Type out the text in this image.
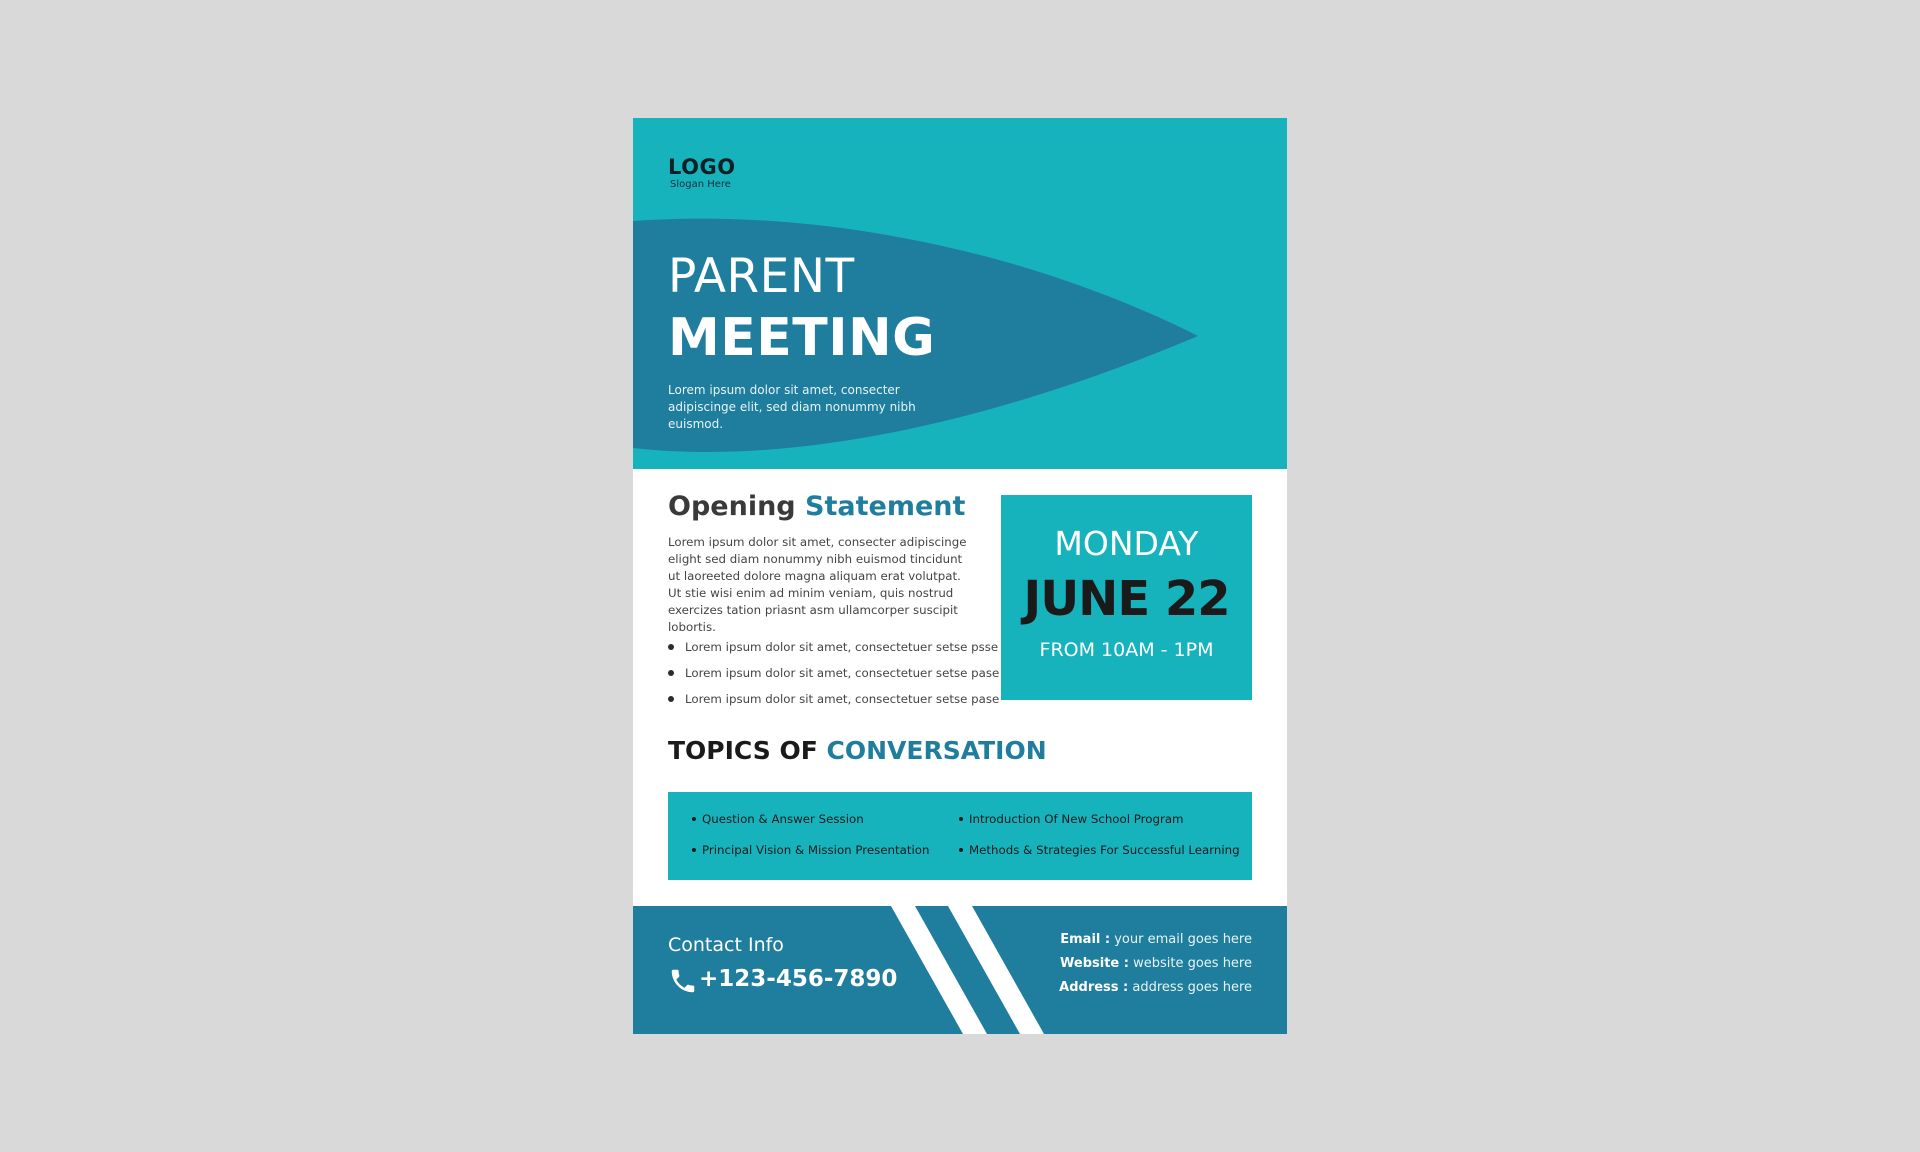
LOGO
Slogan Here
PARENT
MEETING
Lorem ipsum dolor sit amet, consecter adipiscinge elit, sed diam nonummy nibh euismod.
Opening Statement
Lorem ipsum dolor sit amet, consecter adipiscinge elight sed diam nonummy nibh euismod tincidunt ut laoreeted dolore magna aliquam erat volutpat. Ut stie wisi enim ad minim veniam, quis nostrud exercizes tation priasnt asm ullamcorper suscipit lobortis.
Lorem ipsum dolor sit amet, consectetuer setse psse
Lorem ipsum dolor sit amet, consectetuer setse pase
Lorem ipsum dolor sit amet, consectetuer setse pase
MONDAY
JUNE 22
FROM 10AM - 1PM
TOPICS OF CONVERSATION
Question & Answer Session	Introduction Of New School Program
Principal Vision & Mission Presentation	Methods & Strategies For Successful Learning
Contact Info
+123-456-7890
Email : your email goes here
Website : website goes here
Address : address goes here
